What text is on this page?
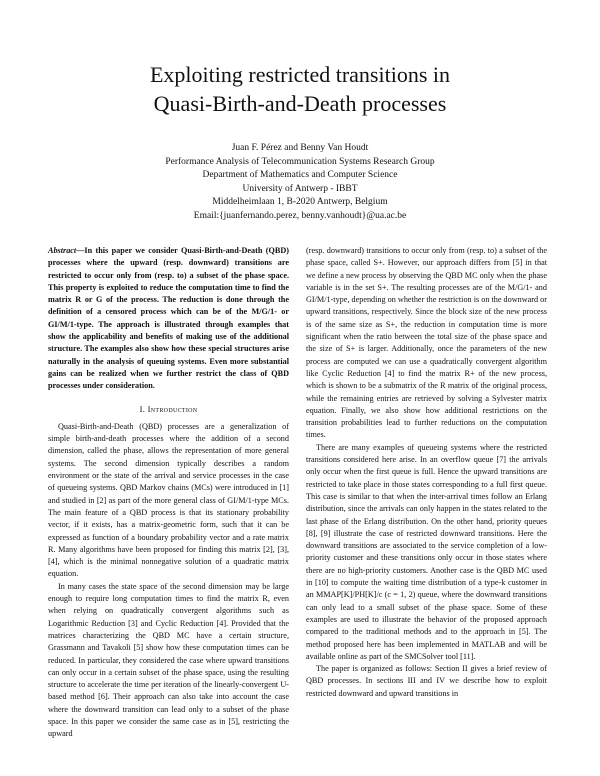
Exploiting restricted transitions in
Quasi-Birth-and-Death processes
Juan F. Pérez and Benny Van Houdt
Performance Analysis of Telecommunication Systems Research Group
Department of Mathematics and Computer Science
University of Antwerp - IBBT
Middelheimlaan 1, B-2020 Antwerp, Belgium
Email:{juanfernando.perez, benny.vanhoudt}@ua.ac.be

Abstract—In this paper we consider Quasi-Birth-and-Death (QBD) processes where the upward (resp. downward) transitions are restricted to occur only from (resp. to) a subset of the phase space. This property is exploited to reduce the computation time to find the matrix R or G of the process. The reduction is done through the definition of a censored process which can be of the M/G/1- or GI/M/1-type. The approach is illustrated through examples that show the applicability and benefits of making use of the additional structure. The examples also show how these special structures arise naturally in the analysis of queuing systems. Even more substantial gains can be realized when we further restrict the class of QBD processes under consideration.

I. Introduction

Quasi-Birth-and-Death (QBD) processes are a generalization of simple birth-and-death processes where the addition of a second dimension, called the phase, allows the representation of more general systems. The second dimension typically describes a random environment or the state of the arrival and service processes in the case of queueing systems. QBD Markov chains (MCs) were introduced in [1] and studied in [2] as part of the more general class of GI/M/1-type MCs. The main feature of a QBD process is that its stationary probability vector, if it exists, has a matrix-geometric form, such that it can be expressed as function of a boundary probability vector and a rate matrix R. Many algorithms have been proposed for finding this matrix [2], [3], [4], which is the minimal nonnegative solution of a quadratic matrix equation.

In many cases the state space of the second dimension may be large enough to require long computation times to find the matrix R, even when relying on quadratically convergent algorithms such as Logarithmic Reduction [3] and Cyclic Reduction [4]. Provided that the matrices characterizing the QBD MC have a certain structure, Grassmann and Tavakoli [5] show how these computation times can be reduced. In particular, they considered the case where upward transitions can only occur in a certain subset of the phase space, using the resulting structure to accelerate the time per iteration of the linearly-convergent U-based method [6]. Their approach can also take into account the case where the downward transition can lead only to a subset of the phase space. In this paper we consider the same case as in [5], restricting the upward

(resp. downward) transitions to occur only from (resp. to) a subset of the phase space, called S+. However, our approach differs from [5] in that we define a new process by observing the QBD MC only when the phase variable is in the set S+. The resulting processes are of the M/G/1- and GI/M/1-type, depending on whether the restriction is on the downward or upward transitions, respectively. Since the block size of the new process is of the same size as S+, the reduction in computation time is more significant when the ratio between the total size of the phase space and the size of S+ is larger. Additionally, once the parameters of the new process are computed we can use a quadratically convergent algorithm like Cyclic Reduction [4] to find the matrix R+ of the new process, which is shown to be a submatrix of the R matrix of the original process, while the remaining entries are retrieved by solving a Sylvester matrix equation. Finally, we also show how additional restrictions on the transition probabilities lead to further reductions on the computation times.

There are many examples of queueing systems where the restricted transitions considered here arise. In an overflow queue [7] the arrivals only occur when the first queue is full. Hence the upward transitions are restricted to take place in those states corresponding to a full first queue. This case is similar to that when the inter-arrival times follow an Erlang distribution, since the arrivals can only happen in the states related to the last phase of the Erlang distribution. On the other hand, priority queues [8], [9] illustrate the case of restricted downward transitions. Here the downward transitions are associated to the service completion of a low-priority customer and these transitions only occur in those states where there are no high-priority customers. Another case is the QBD MC used in [10] to compute the waiting time distribution of a type-k customer in an MMAP[K]/PH[K]/c (c = 1, 2) queue, where the downward transitions can only lead to a small subset of the phase space. Some of these examples are used to illustrate the behavior of the proposed approach compared to the traditional methods and to the approach in [5]. The method proposed here has been implemented in MATLAB and will be available online as part of the SMCSolver tool [11].

The paper is organized as follows: Section II gives a brief review of QBD processes. In sections III and IV we describe how to exploit restricted downward and upward transitions in
